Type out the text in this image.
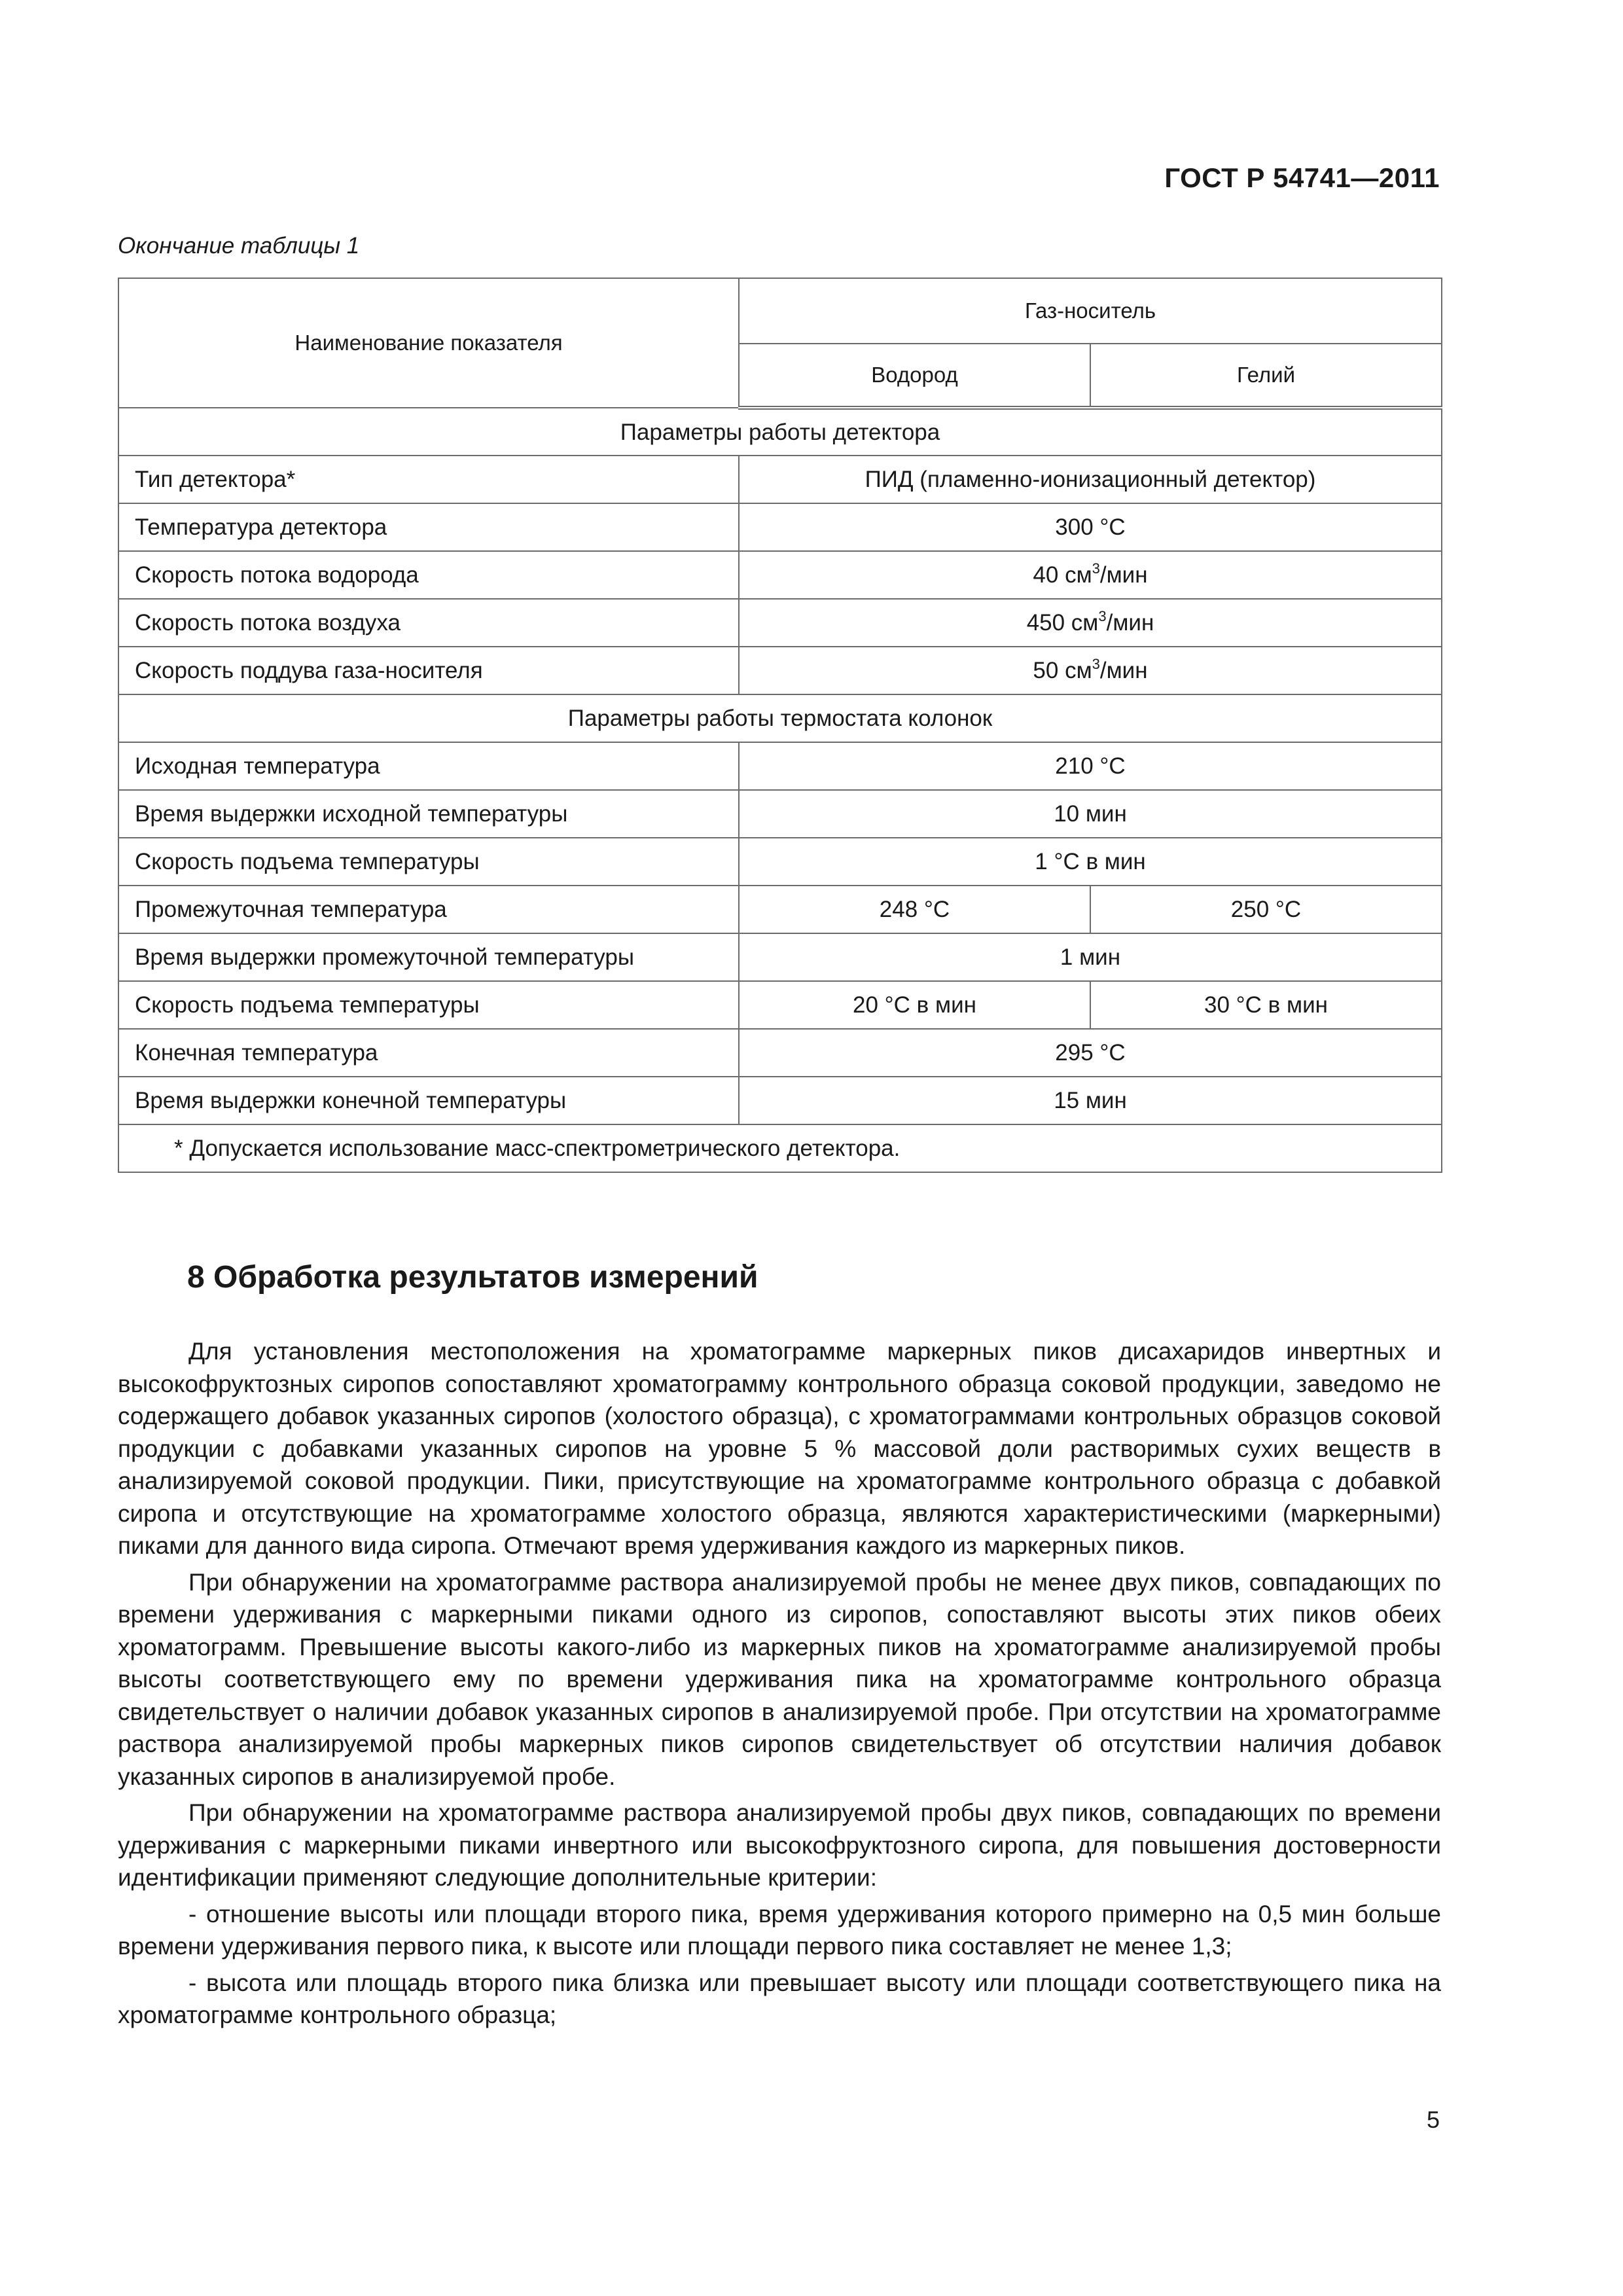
ГОСТ Р 54741—2011
Окончание таблицы 1
Наименование показателя	Газ-носитель	
	Водород	Гелий
Параметры работы детектора		
Тип детектора*	ПИД (пламенно-ионизационный детектор)	
Температура детектора	300 °С	
Скорость потока водорода	40 $см^3$/мин	
Скорость потока воздуха	450 $см^3$/мин	
Скорость поддува газа-носителя	50 $см^3$/мин	
Параметры работы термостата колонок		
Исходная температура	210 °С	
Время выдержки исходной температуры	10 мин	
Скорость подъема температуры	1 °С в мин	
Промежуточная температура	248 °С	250 °С
Время выдержки промежуточной температуры	1 мин	
Скорость подъема температуры	20 °С в мин	30 °С в мин
Конечная температура	295 °С	
Время выдержки конечной температуры	15 мин	
* Допускается использование масс-спектрометрического детектора.		
8 Обработка результатов измерений

Для установления местоположения на хроматограмме маркерных пиков дисахаридов инвертных и высокофруктозных сиропов сопоставляют хроматограмму контрольного образца соковой продукции, заведомо не содержащего добавок указанных сиропов (холостого образца), с хроматограммами контрольных образцов соковой продукции с добавками указанных сиропов на уровне 5 % массовой доли растворимых сухих веществ в анализируемой соковой продукции. Пики, присутствующие на хроматограмме контрольного образца с добавкой сиропа и отсутствующие на хроматограмме холостого образца, являются характеристическими (маркерными) пиками для данного вида сиропа. Отмечают время удерживания каждого из маркерных пиков.

При обнаружении на хроматограмме раствора анализируемой пробы не менее двух пиков, совпадающих по времени удерживания с маркерными пиками одного из сиропов, сопоставляют высоты этих пиков обеих хроматограмм. Превышение высоты какого-либо из маркерных пиков на хроматограмме анализируемой пробы высоты соответствующего ему по времени удерживания пика на хроматограмме контрольного образца свидетельствует о наличии добавок указанных сиропов в анализируемой пробе. При отсутствии на хроматограмме раствора анализируемой пробы маркерных пиков сиропов свидетельствует об отсутствии наличия добавок указанных сиропов в анализируемой пробе.

При обнаружении на хроматограмме раствора анализируемой пробы двух пиков, совпадающих по времени удерживания с маркерными пиками инвертного или высокофруктозного сиропа, для повышения достоверности идентификации применяют следующие дополнительные критерии:

- отношение высоты или площади второго пика, время удерживания которого примерно на 0,5 мин больше времени удерживания первого пика, к высоте или площади первого пика составляет не менее 1,3;

- высота или площадь второго пика близка или превышает высоту или площади соответствующего пика на хроматограмме контрольного образца;

5
